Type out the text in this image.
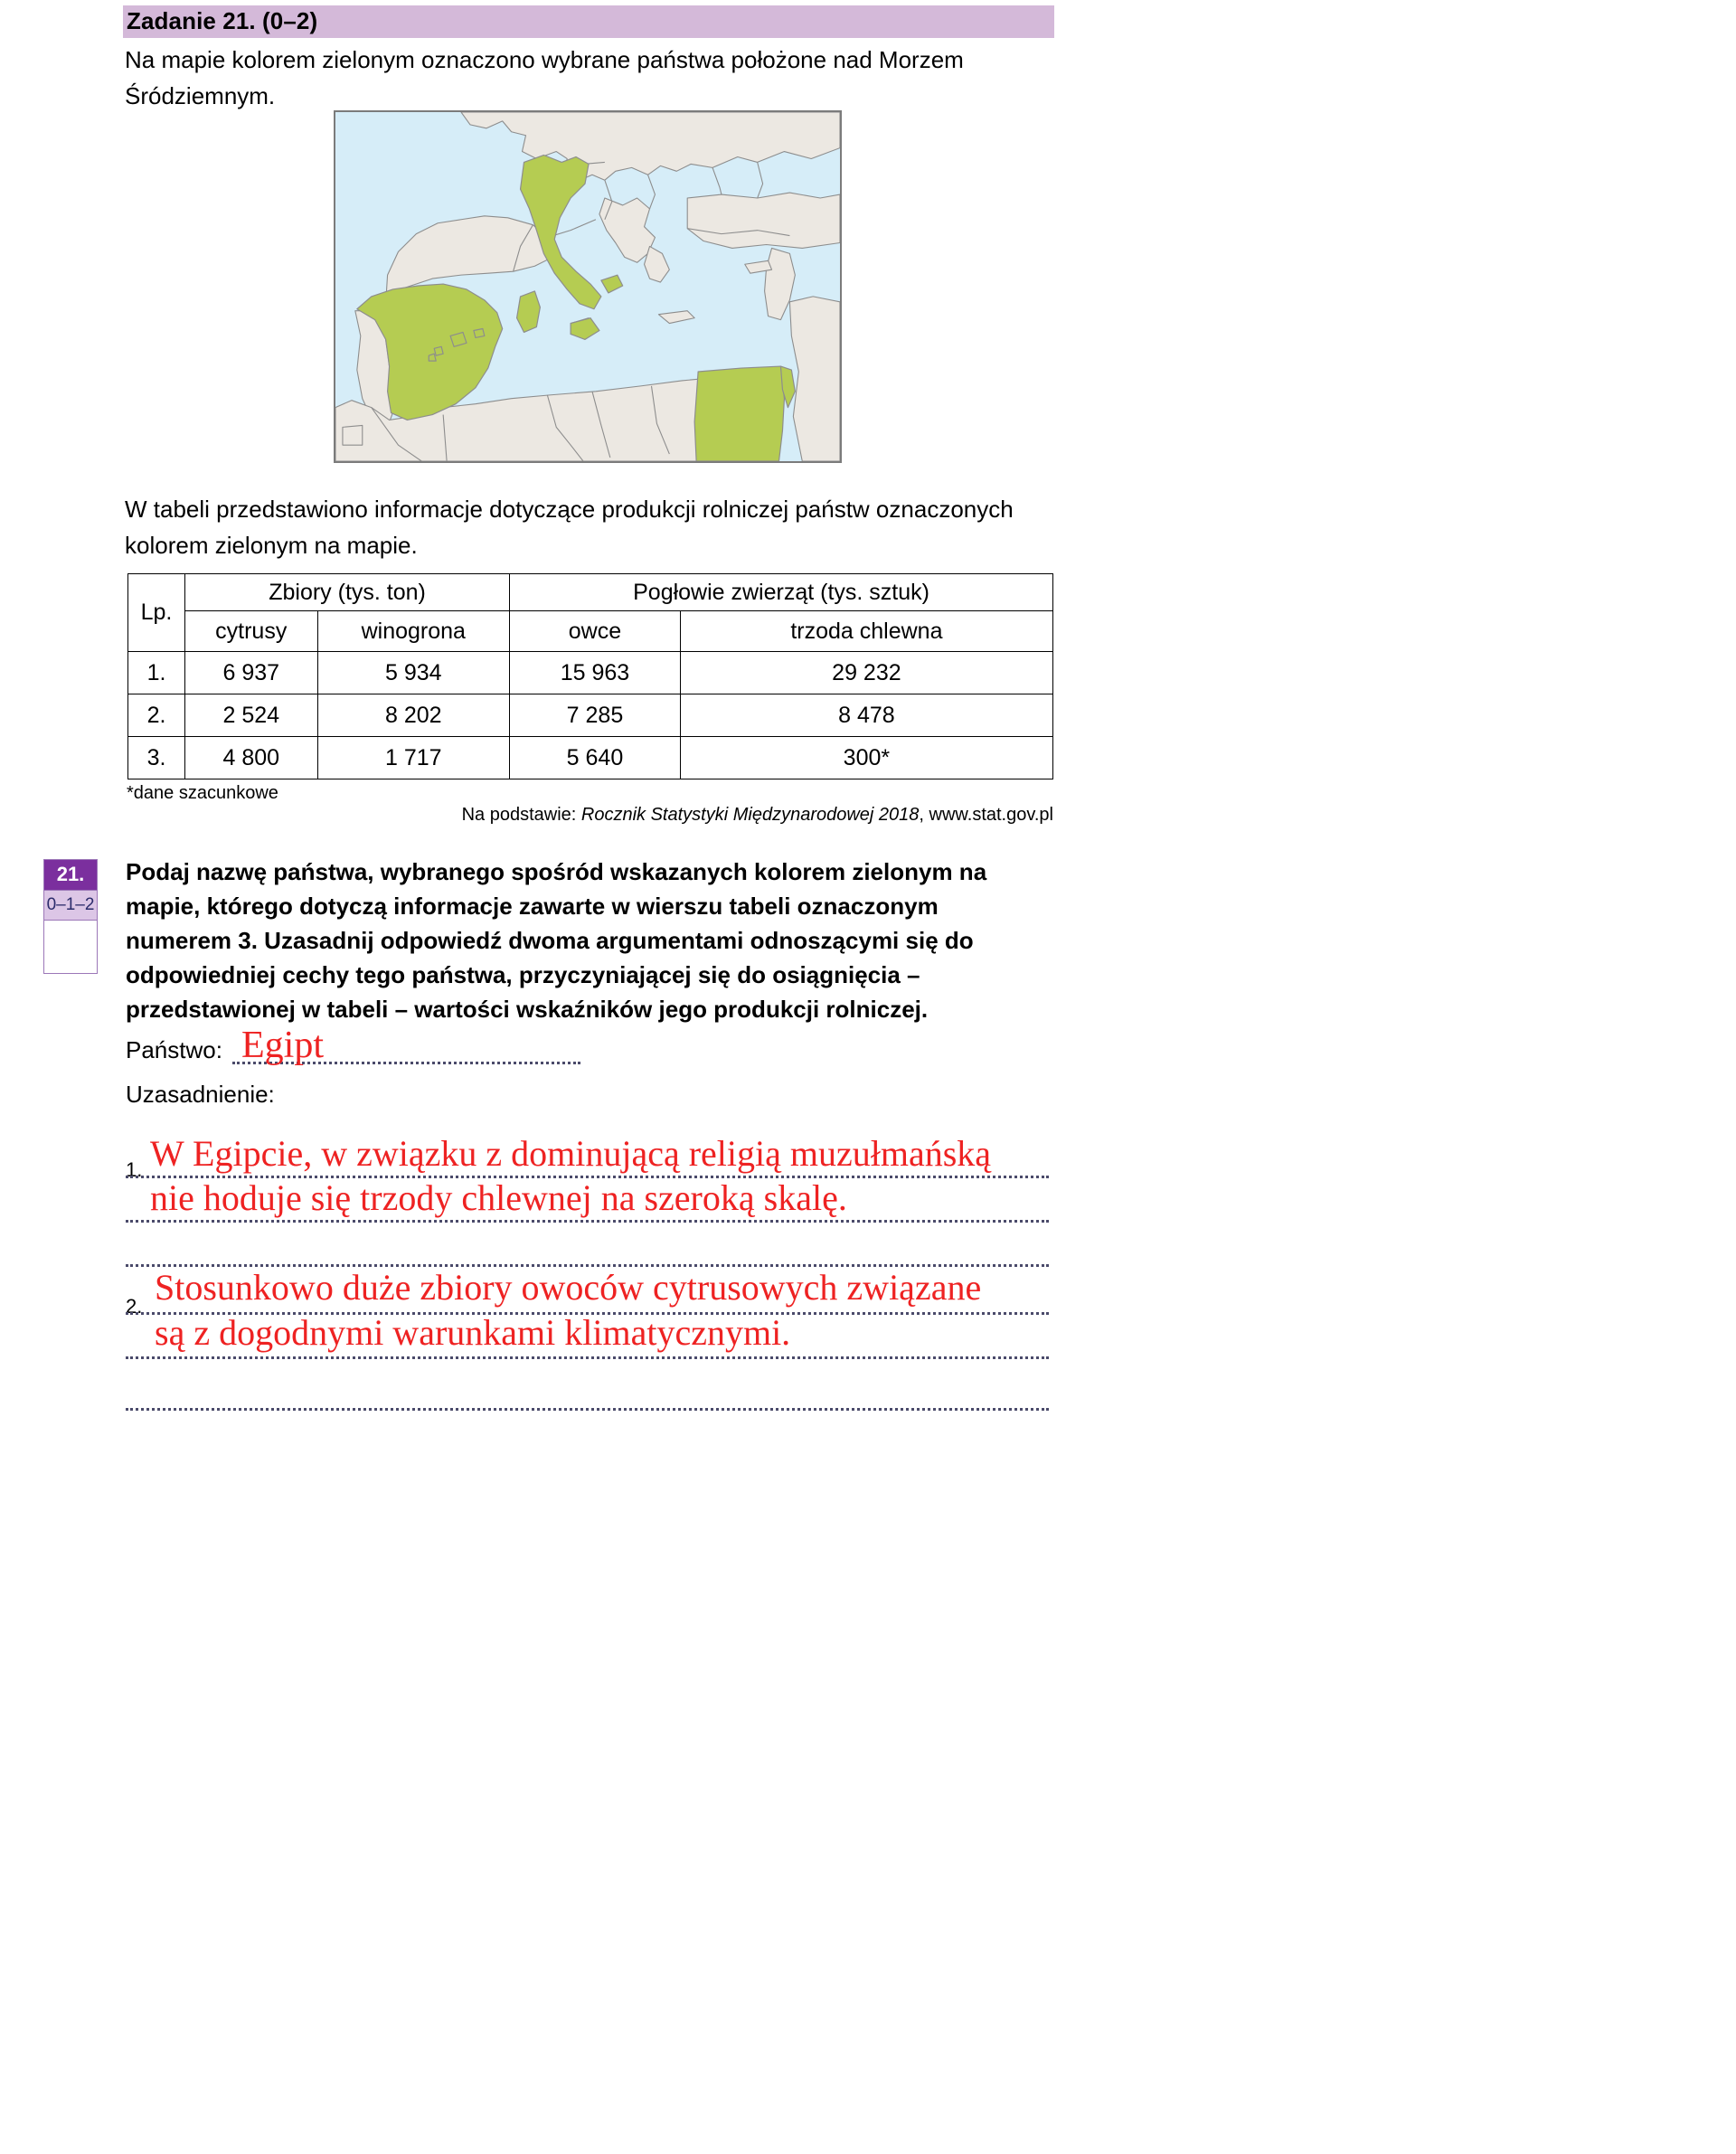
Zadanie 21. (0–2)
Na mapie kolorem zielonym oznaczono wybrane państwa położone nad Morzem Śródziemnym.
W tabeli przedstawiono informacje dotyczące produkcji rolniczej państw oznaczonych kolorem zielonym na mapie.
Lp.	Zbiory (tys. ton)		Pogłowie zwierząt (tys. sztuk)	
	cytrusy	winogrona	owce	trzoda chlewna
1.	6 937	5 934	15 963	29 232
2.	2 524	8 202	7 285	8 478
3.	4 800	1 717	5 640	300*
*dane szacunkowe
Na podstawie: Rocznik Statystyki Międzynarodowej 2018, www.stat.gov.pl
21.
0–1–2
Podaj nazwę państwa, wybranego spośród wskazanych kolorem zielonym na mapie, którego dotyczą informacje zawarte w wierszu tabeli oznaczonym numerem 3. Uzasadnij odpowiedź dwoma argumentami odnoszącymi się do odpowiedniej cechy tego państwa, przyczyniającej się do osiągnięcia – przedstawionej w tabeli – wartości wskaźników jego produkcji rolniczej.
Państwo: Egipt
Uzasadnienie:
1. W Egipcie, w związku z dominującą religią muzułmańską
nie hoduje się trzody chlewnej na szeroką skalę.
2. Stosunkowo duże zbiory owoców cytrusowych związane
są z dogodnymi warunkami klimatycznymi.
